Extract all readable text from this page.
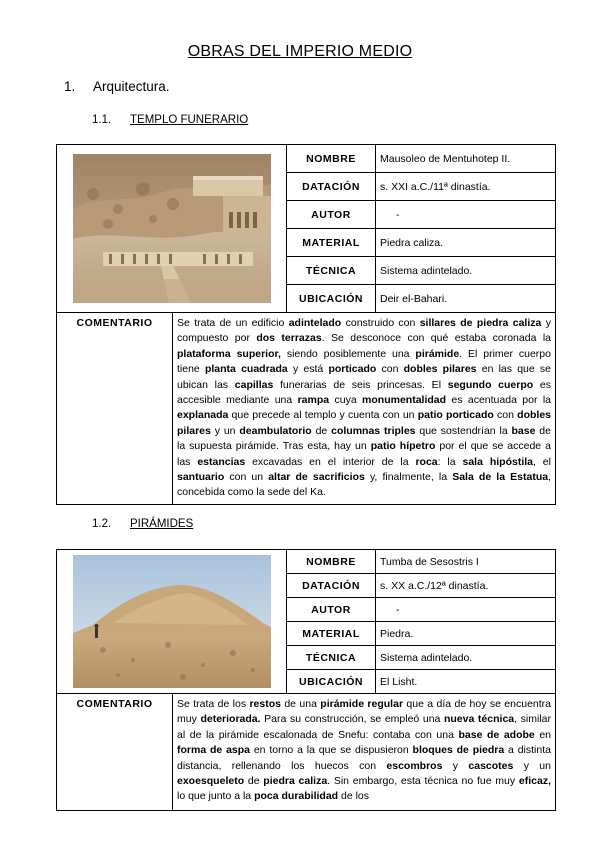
OBRAS DEL IMPERIO MEDIO
1. Arquitectura.
1.1. TEMPLO FUNERARIO
	NOMBRE	Mausoleo de Mentuhotep II.
DATACIÓN	s. XXI a.C./11ª dinastía.
AUTOR	-
MATERIAL	Piedra caliza.
TÉCNICA	Sistema adintelado.
UBICACIÓN	Deir el-Bahari.

COMENTARIO	Se trata de un edificio adintelado construido con sillares de piedra caliza y compuesto por dos terrazas. Se desconoce con qué estaba coronada la plataforma superior, siendo posiblemente una pirámide. El primer cuerpo tiene planta cuadrada y está porticado con dobles pilares en las que se ubican las capillas funerarias de seis princesas. El segundo cuerpo es accesible mediante una rampa cuya monumentalidad es acentuada por la explanada que precede al templo y cuenta con un patio porticado con dobles pilares y un deambulatorio de columnas triples que sostendrían la base de la supuesta pirámide. Tras esta, hay un patio hípetro por el que se accede a las estancias excavadas en el interior de la roca: la sala hipóstila, el santuario con un altar de sacrificios y, finalmente, la Sala de la Estatua, concebida como la sede del Ka.
1.2. PIRÁMIDES
	NOMBRE	Tumba de Sesostris I
DATACIÓN	s. XX a.C./12ª dinastía.
AUTOR	-
MATERIAL	Piedra.
TÉCNICA	Sistema adintelado.
UBICACIÓN	El Lisht.

COMENTARIO	Se trata de los restos de una pirámide regular que a día de hoy se encuentra muy deteriorada. Para su construcción, se empleó una nueva técnica, similar al de la pirámide escalonada de Snefu: contaba con una base de adobe en forma de aspa en torno a la que se dispusieron bloques de piedra a distinta distancia, rellenando los huecos con escombros y cascotes y un exoesqueleto de piedra caliza. Sin embargo, esta técnica no fue muy eficaz, lo que junto a la poca durabilidad de los
